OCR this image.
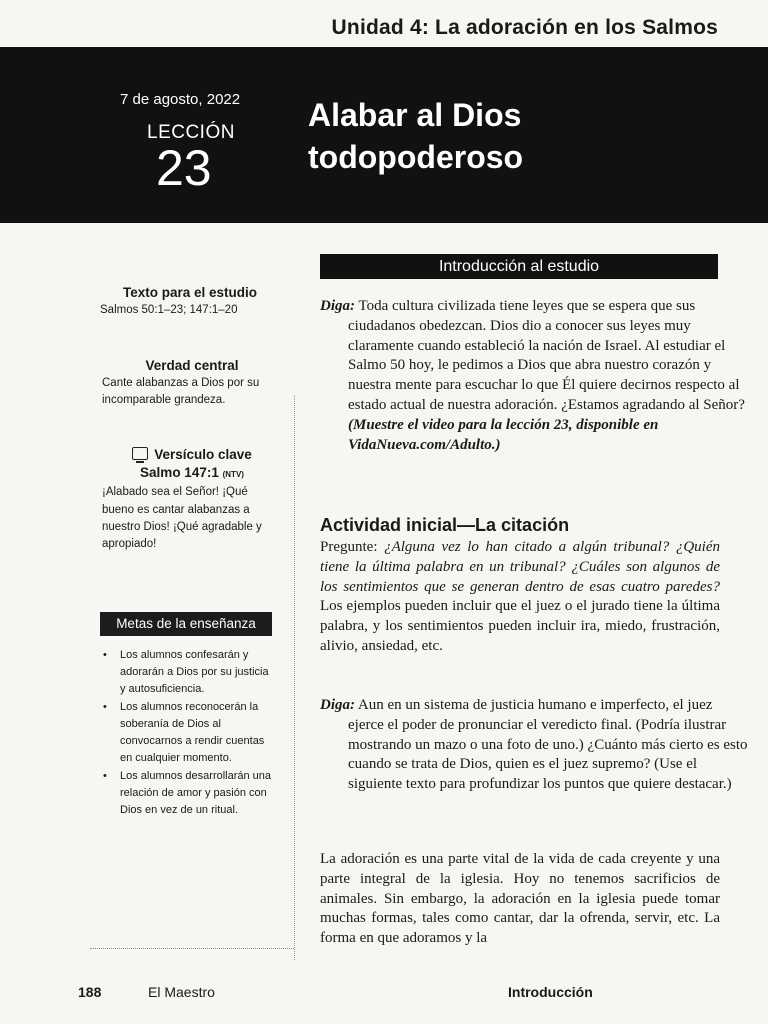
Unidad 4: La adoración en los Salmos
7 de agosto, 2022
LECCIÓN
23
Alabar al Dios
todopoderoso
Texto para el estudio
Salmos 50:1–23; 147:1–20
Verdad central
Cante alabanzas a Dios por su incomparable grandeza.
Versículo clave
Salmo 147:1 (NTV)
¡Alabado sea el Señor! ¡Qué bueno es cantar alabanzas a nuestro Dios! ¡Qué agradable y apropiado!
Metas de la enseñanza
• Los alumnos confesarán y adorarán a Dios por su justicia y autosuficiencia.
• Los alumnos reconocerán la soberanía de Dios al convocarnos a rendir cuentas en cualquier momento.
• Los alumnos desarrollarán una relación de amor y pasión con Dios en vez de un ritual.
Introducción al estudio
Diga: Toda cultura civilizada tiene leyes que se espera que sus ciudadanos obedezcan. Dios dio a conocer sus leyes muy claramente cuando estableció la nación de Israel. Al estudiar el Salmo 50 hoy, le pedimos a Dios que abra nuestro corazón y nuestra mente para escuchar lo que Él quiere decirnos respecto al estado actual de nuestra adoración. ¿Estamos agradando al Señor? (Muestre el video para la lección 23, disponible en VidaNueva.com/Adulto.)
Actividad inicial—La citación
Pregunte: ¿Alguna vez lo han citado a algún tribunal? ¿Quién tiene la última palabra en un tribunal? ¿Cuáles son algunos de los sentimientos que se generan dentro de esas cuatro paredes? Los ejemplos pueden incluir que el juez o el jurado tiene la última palabra, y los sentimientos pueden incluir ira, miedo, frustración, alivio, ansiedad, etc.
Diga: Aun en un sistema de justicia humano e imperfecto, el juez ejerce el poder de pronunciar el veredicto final. (Podría ilustrar mostrando un mazo o una foto de uno.) ¿Cuánto más cierto es esto cuando se trata de Dios, quien es el juez supremo? (Use el siguiente texto para profundizar los puntos que quiere destacar.)
La adoración es una parte vital de la vida de cada creyente y una parte integral de la iglesia. Hoy no tenemos sacrificios de animales. Sin embargo, la adoración en la iglesia puede tomar muchas formas, tales como cantar, dar la ofrenda, servir, etc. La forma en que adoramos y la
188	El Maestro	Introducción
